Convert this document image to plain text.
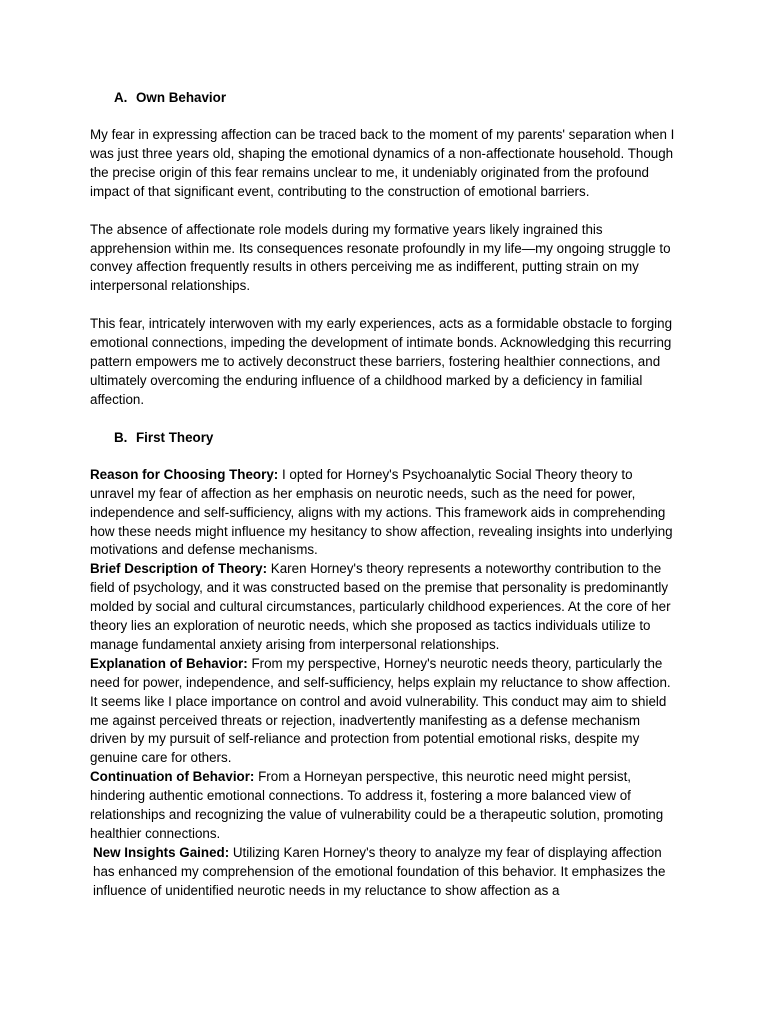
A. Own Behavior

My fear in expressing affection can be traced back to the moment of my parents' separation when I was just three years old, shaping the emotional dynamics of a non-affectionate household. Though the precise origin of this fear remains unclear to me, it undeniably originated from the profound impact of that significant event, contributing to the construction of emotional barriers.

The absence of affectionate role models during my formative years likely ingrained this apprehension within me. Its consequences resonate profoundly in my life—my ongoing struggle to convey affection frequently results in others perceiving me as indifferent, putting strain on my interpersonal relationships.

This fear, intricately interwoven with my early experiences, acts as a formidable obstacle to forging emotional connections, impeding the development of intimate bonds. Acknowledging this recurring pattern empowers me to actively deconstruct these barriers, fostering healthier connections, and ultimately overcoming the enduring influence of a childhood marked by a deficiency in familial affection.

B. First Theory

Reason for Choosing Theory: I opted for Horney's Psychoanalytic Social Theory theory to unravel my fear of affection as her emphasis on neurotic needs, such as the need for power, independence and self-sufficiency, aligns with my actions. This framework aids in comprehending how these needs might influence my hesitancy to show affection, revealing insights into underlying motivations and defense mechanisms.

Brief Description of Theory: Karen Horney's theory represents a noteworthy contribution to the field of psychology, and it was constructed based on the premise that personality is predominantly molded by social and cultural circumstances, particularly childhood experiences. At the core of her theory lies an exploration of neurotic needs, which she proposed as tactics individuals utilize to manage fundamental anxiety arising from interpersonal relationships.

Explanation of Behavior: From my perspective, Horney's neurotic needs theory, particularly the need for power, independence, and self-sufficiency, helps explain my reluctance to show affection. It seems like I place importance on control and avoid vulnerability. This conduct may aim to shield me against perceived threats or rejection, inadvertently manifesting as a defense mechanism driven by my pursuit of self-reliance and protection from potential emotional risks, despite my genuine care for others.

Continuation of Behavior: From a Horneyan perspective, this neurotic need might persist, hindering authentic emotional connections. To address it, fostering a more balanced view of relationships and recognizing the value of vulnerability could be a therapeutic solution, promoting healthier connections.

New Insights Gained: Utilizing Karen Horney's theory to analyze my fear of displaying affection has enhanced my comprehension of the emotional foundation of this behavior. It emphasizes the influence of unidentified neurotic needs in my reluctance to show affection as a
